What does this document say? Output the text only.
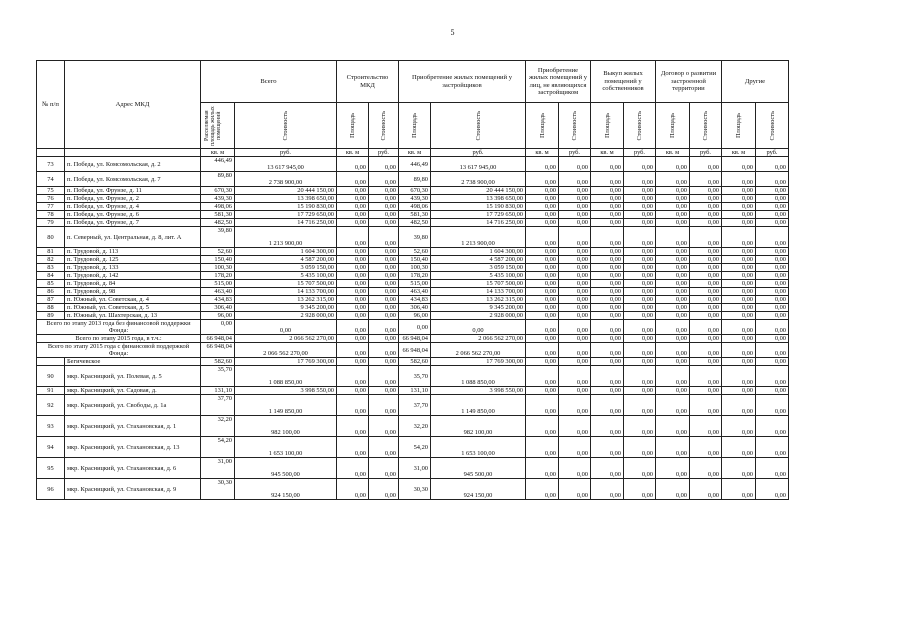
5
№ п/п	Адрес МКД	Всего		Строительство МКД		Приобретение жилых помещений у застройщиков		Приобретение жилых помещений у лиц, не являющихся застройщиком		Выкуп жилых помещений у собственников		Договор о развитии застроенной территории		Другие	

		Расселяемая площадь жилых помещений	Стоимость	Площадь	Стоимость	Площадь	Стоимость	Площадь	Стоимость	Площадь	Стоимость	Площадь	Стоимость	Площадь	Стоимость

		кв. м	руб.	кв. м	руб.	кв. м	руб.	кв. м	руб.	кв. м	руб.	кв. м	руб.	кв. м	руб.
73	п. Победа, ул. Комсомольская, д. 2	446,49	13 617 945,00	0,00	0,00	446,49	13 617 945,00	0,00	0,00	0,00	0,00	0,00	0,00	0,00	0,00
74	п. Победа, ул. Комсомольская, д. 7	89,80	2 738 900,00	0,00	0,00	89,80	2 738 900,00	0,00	0,00	0,00	0,00	0,00	0,00	0,00	0,00
75	п. Победа, ул. Фрунзе, д. 11	670,30	20 444 150,00	0,00	0,00	670,30	20 444 150,00	0,00	0,00	0,00	0,00	0,00	0,00	0,00	0,00
76	п. Победа, ул. Фрунзе, д. 2	439,30	13 398 650,00	0,00	0,00	439,30	13 398 650,00	0,00	0,00	0,00	0,00	0,00	0,00	0,00	0,00
77	п. Победа, ул. Фрунзе, д. 4	498,06	15 190 830,00	0,00	0,00	498,06	15 190 830,00	0,00	0,00	0,00	0,00	0,00	0,00	0,00	0,00
78	п. Победа, ул. Фрунзе, д. 6	581,30	17 729 650,00	0,00	0,00	581,30	17 729 650,00	0,00	0,00	0,00	0,00	0,00	0,00	0,00	0,00
79	п. Победа, ул. Фрунзе, д. 7	482,50	14 716 250,00	0,00	0,00	482,50	14 716 250,00	0,00	0,00	0,00	0,00	0,00	0,00	0,00	0,00
80	п. Северный, ул. Центральная, д. 8, лит. А	39,80	1 213 900,00	0,00	0,00	39,80	1 213 900,00	0,00	0,00	0,00	0,00	0,00	0,00	0,00	0,00
81	п. Трудовой, д. 113	52,60	1 604 300,00	0,00	0,00	52,60	1 604 300,00	0,00	0,00	0,00	0,00	0,00	0,00	0,00	0,00
82	п. Трудовой, д. 125	150,40	4 587 200,00	0,00	0,00	150,40	4 587 200,00	0,00	0,00	0,00	0,00	0,00	0,00	0,00	0,00
83	п. Трудовой, д. 133	100,30	3 059 150,00	0,00	0,00	100,30	3 059 150,00	0,00	0,00	0,00	0,00	0,00	0,00	0,00	0,00
84	п. Трудовой, д. 142	178,20	5 435 100,00	0,00	0,00	178,20	5 435 100,00	0,00	0,00	0,00	0,00	0,00	0,00	0,00	0,00
85	п. Трудовой, д. 84	515,00	15 707 500,00	0,00	0,00	515,00	15 707 500,00	0,00	0,00	0,00	0,00	0,00	0,00	0,00	0,00
86	п. Трудовой, д. 98	463,40	14 133 700,00	0,00	0,00	463,40	14 133 700,00	0,00	0,00	0,00	0,00	0,00	0,00	0,00	0,00
87	п. Южный, ул. Советская, д. 4	434,83	13 262 315,00	0,00	0,00	434,83	13 262 315,00	0,00	0,00	0,00	0,00	0,00	0,00	0,00	0,00
88	п. Южный, ул. Советская, д. 5	306,40	9 345 200,00	0,00	0,00	306,40	9 345 200,00	0,00	0,00	0,00	0,00	0,00	0,00	0,00	0,00
89	п. Южный, ул. Шахтерская, д. 13	96,00	2 928 000,00	0,00	0,00	96,00	2 928 000,00	0,00	0,00	0,00	0,00	0,00	0,00	0,00	0,00
Всего по этапу 2013 года без финансовой поддержки Фонда:		0,00	0,00	0,00	0,00	0,00	0,00	0,00	0,00	0,00	0,00	0,00	0,00	0,00	0,00
Всего по этапу 2015 года, в т.ч.:		66 948,04	2 066 562 270,00	0,00	0,00	66 948,04	2 066 562 270,00	0,00	0,00	0,00	0,00	0,00	0,00	0,00	0,00
Всего по этапу 2015 года с финансовой поддержкой Фонда:		66 948,04	2 066 562 270,00	0,00	0,00	66 948,04	2 066 562 270,00	0,00	0,00	0,00	0,00	0,00	0,00	0,00	0,00
	Бегичевское	582,60	17 769 300,00	0,00	0,00	582,60	17 769 300,00	0,00	0,00	0,00	0,00	0,00	0,00	0,00	0,00
90	мкр. Красницкий, ул. Полевая, д. 5	35,70	1 088 850,00	0,00	0,00	35,70	1 088 850,00	0,00	0,00	0,00	0,00	0,00	0,00	0,00	0,00
91	мкр. Красницкий, ул. Садовая, д.	131,10	3 998 550,00	0,00	0,00	131,10	3 998 550,00	0,00	0,00	0,00	0,00	0,00	0,00	0,00	0,00
92	мкр. Красницкий, ул. Свободы, д. 1а	37,70	1 149 850,00	0,00	0,00	37,70	1 149 850,00	0,00	0,00	0,00	0,00	0,00	0,00	0,00	0,00
93	мкр. Красницкий, ул. Стахановская, д. 1	32,20	982 100,00	0,00	0,00	32,20	982 100,00	0,00	0,00	0,00	0,00	0,00	0,00	0,00	0,00
94	мкр. Красницкий, ул. Стахановская, д. 13	54,20	1 653 100,00	0,00	0,00	54,20	1 653 100,00	0,00	0,00	0,00	0,00	0,00	0,00	0,00	0,00
95	мкр. Красницкий, ул. Стахановская, д. 6	31,00	945 500,00	0,00	0,00	31,00	945 500,00	0,00	0,00	0,00	0,00	0,00	0,00	0,00	0,00
96	мкр. Красницкий, ул. Стахановская, д. 9	30,30	924 150,00	0,00	0,00	30,30	924 150,00	0,00	0,00	0,00	0,00	0,00	0,00	0,00	0,00
